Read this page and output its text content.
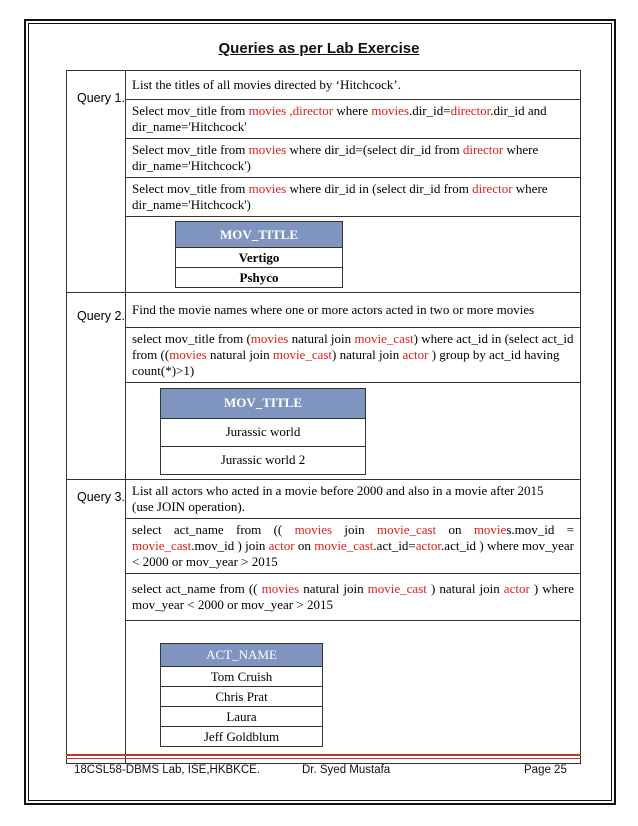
Queries as per Lab Exercise
Query 1.	List the titles of all movies directed by ‘Hitchcock’.
Select mov_title from movies ,director where movies.dir_id=director.dir_id and dir_name='Hitchcock'
Select mov_title from movies where dir_id=(select dir_id from director where dir_name='Hitchcock')
Select mov_title from movies where dir_id in (select dir_id from director where dir_name='Hitchcock')

MOV_TITLE
Vertigo
Pshyco

Query 2.	Find the movie names where one or more actors acted in two or more movies
select mov_title from (movies natural join movie_cast) where act_id in (select act_id from ((movies natural join movie_cast) natural join actor ) group by act_id having count(*)>1)

MOV_TITLE
Jurassic world
Jurassic world 2

Query 3.	List all actors who acted in a movie before 2000 and also in a movie after 2015
(use JOIN operation).
select act_name from (( movies join movie_cast on movies.mov_id = movie_cast.mov_id ) join actor on movie_cast.act_id=actor.act_id ) where mov_year < 2000 or mov_year > 2015
select act_name from (( movies natural join movie_cast ) natural join actor ) where mov_year < 2000 or mov_year > 2015

ACT_NAME
Tom Cruish
Chris Prat
Laura
Jeff Goldblum
18CSL58-DBMS Lab, ISE,HKBKCE.	Dr. Syed Mustafa	Page 25
